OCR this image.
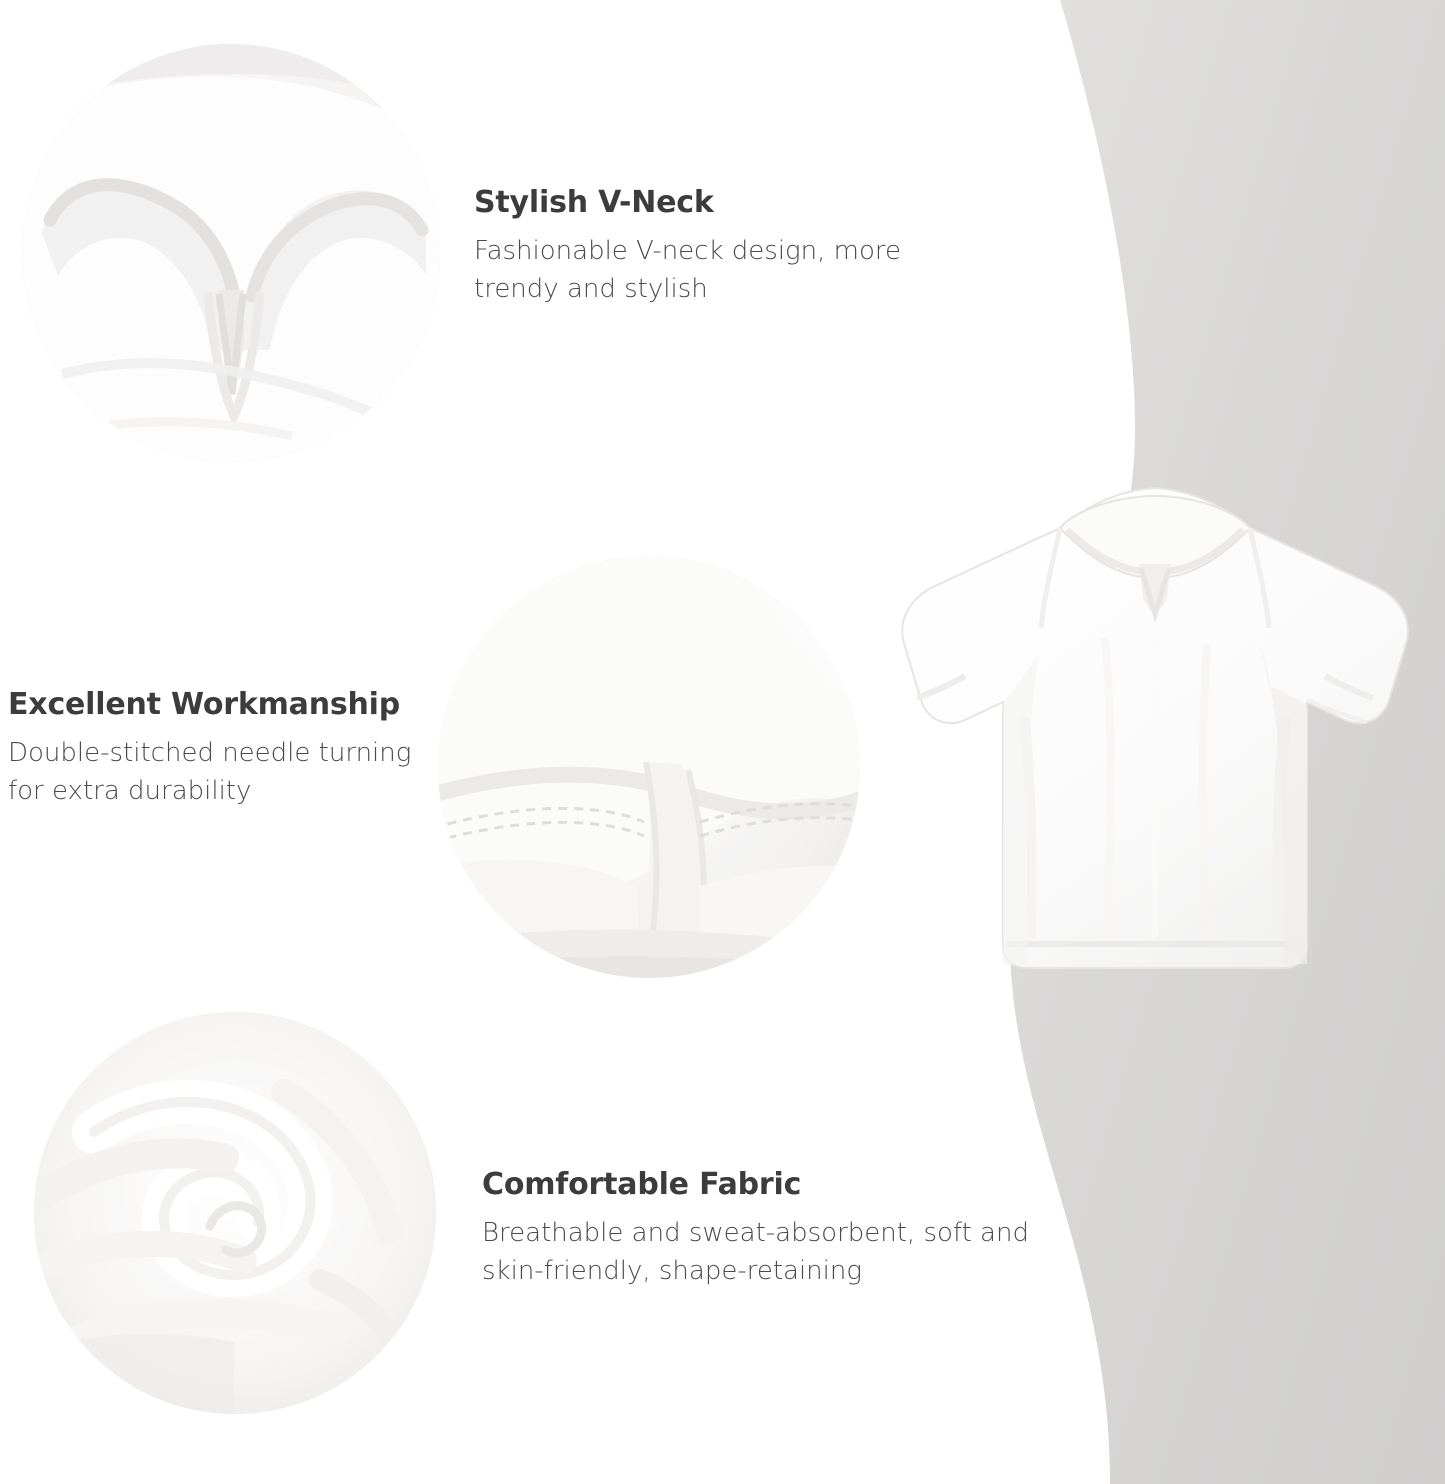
Stylish V-Neck

Fashionable V-neck design, more trendy and stylish

Excellent Workmanship

Double-stitched needle turning for extra durability

Comfortable Fabric

Breathable and sweat-absorbent, soft and skin-friendly, shape-retaining
